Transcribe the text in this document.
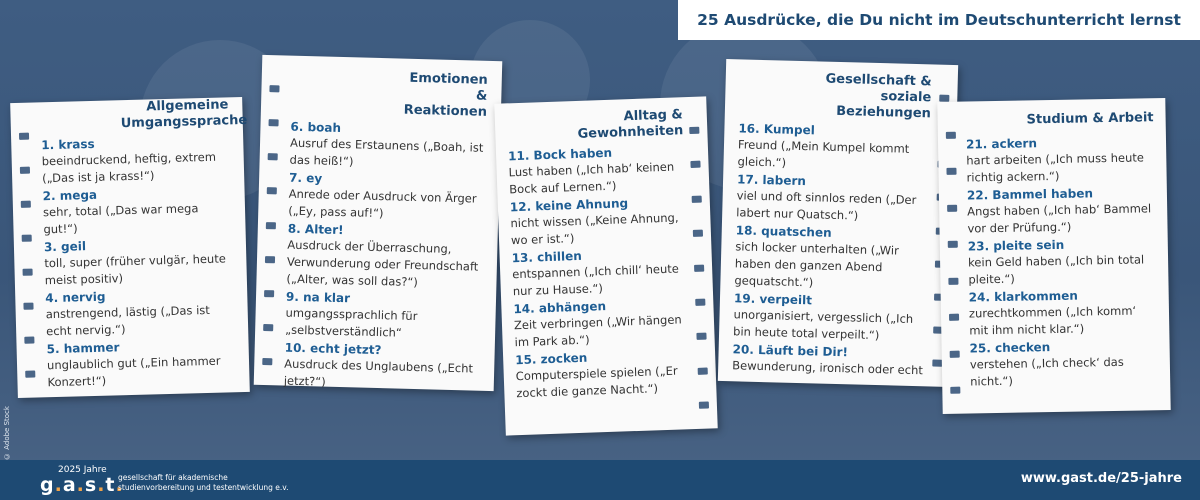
25 Ausdrücke, die Du nicht im Deutschunterricht lernst
Allgemeine Umgangssprache
1. krass
beeindruckend, heftig, extrem („Das ist ja krass!“)
2. mega
sehr, total („Das war mega gut!“)
3. geil
toll, super (früher vulgär, heute meist positiv)
4. nervig
anstrengend, lästig („Das ist echt nervig.“)
5. hammer
unglaublich gut („Ein hammer Konzert!“)
Emotionen & Reaktionen
6. boah
Ausruf des Erstaunens („Boah, ist das heiß!“)
7. ey
Anrede oder Ausdruck von Ärger („Ey, pass auf!“)
8. Alter!
Ausdruck der Überraschung, Verwunderung oder Freundschaft („Alter, was soll das?“)
9. na klar
umgangssprachlich für „selbstverständlich“
10. echt jetzt?
Ausdruck des Unglaubens („Echt jetzt?“)
Alltag & Gewohnheiten
11. Bock haben
Lust haben („Ich hab‘ keinen Bock auf Lernen.“)
12. keine Ahnung
nicht wissen („Keine Ahnung, wo er ist.“)
13. chillen
entspannen („Ich chill‘ heute nur zu Hause.“)
14. abhängen
Zeit verbringen („Wir hängen im Park ab.“)
15. zocken
Computerspiele spielen („Er zockt die ganze Nacht.“)
Gesellschaft & soziale Beziehungen
16. Kumpel
Freund („Mein Kumpel kommt gleich.“)
17. labern
viel und oft sinnlos reden („Der labert nur Quatsch.“)
18. quatschen
sich locker unterhalten („Wir haben den ganzen Abend gequatscht.“)
19. verpeilt
unorganisiert, vergesslich („Ich bin heute total verpeilt.“)
20. Läuft bei Dir!
Bewunderung, ironisch oder echt
Studium & Arbeit
21. ackern
hart arbeiten („Ich muss heute richtig ackern.“)
22. Bammel haben
Angst haben („Ich hab‘ Bammel vor der Prüfung.“)
23. pleite sein
kein Geld haben („Ich bin total pleite.“)
24. klarkommen
zurechtkommen („Ich komm‘ mit ihm nicht klar.“)
25. checken
verstehen („Ich check‘ das nicht.“)
© Adobe Stock
2025 Jahre
g.a.s.t.
gesellschaft für akademische
studienvorbereitung und testentwicklung e.v.
www.gast.de/25-jahre
